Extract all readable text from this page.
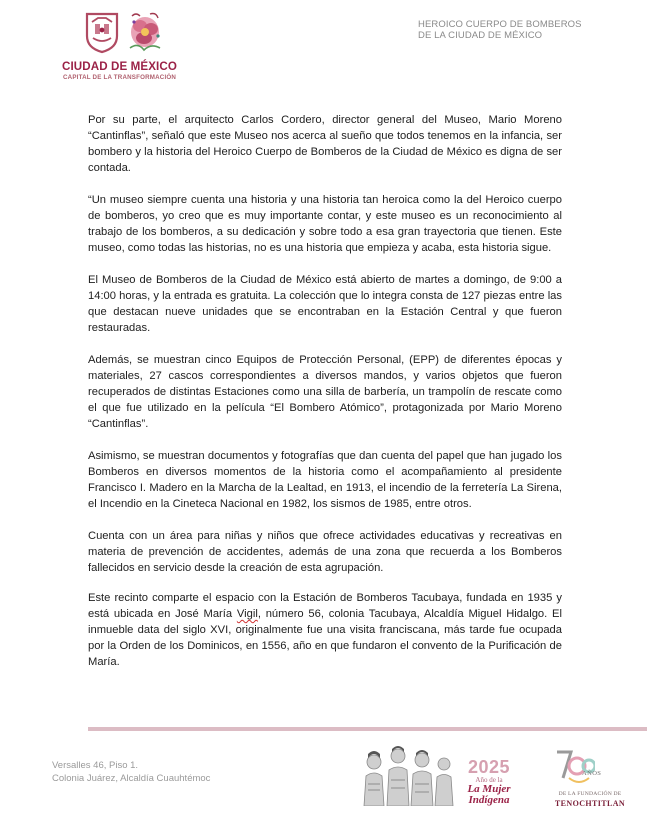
CIUDAD DE MÉXICO
CAPITAL DE LA TRANSFORMACIÓN
HEROICO CUERPO DE BOMBEROS
DE LA CIUDAD DE MÉXICO

Por su parte, el arquitecto Carlos Cordero, director general del Museo, Mario Moreno “Cantinflas”, señaló que este Museo nos acerca al sueño que todos tenemos en la infancia, ser bombero y la historia del Heroico Cuerpo de Bomberos de la Ciudad de México es digna de ser contada.

“Un museo siempre cuenta una historia y una historia tan heroica como la del Heroico cuerpo de bomberos, yo creo que es muy importante contar, y este museo es un reconocimiento al trabajo de los bomberos, a su dedicación y sobre todo a esa gran trayectoria que tienen. Este museo, como todas las historias, no es una historia que empieza y acaba, esta historia sigue.

El Museo de Bomberos de la Ciudad de México está abierto de martes a domingo, de 9:00 a 14:00 horas, y la entrada es gratuita. La colección que lo integra consta de 127 piezas entre las que destacan nueve unidades que se encontraban en la Estación Central y que fueron restauradas.

Además, se muestran cinco Equipos de Protección Personal, (EPP) de diferentes épocas y materiales, 27 cascos correspondientes a diversos mandos, y varios objetos que fueron recuperados de distintas Estaciones como una silla de barbería, un trampolín de rescate como el que fue utilizado en la película “El Bombero Atómico”, protagonizada por Mario Moreno “Cantinflas”.

Asimismo, se muestran documentos y fotografías que dan cuenta del papel que han jugado los Bomberos en diversos momentos de la historia como el acompañamiento al presidente Francisco I. Madero en la Marcha de la Lealtad, en 1913, el incendio de la ferretería La Sirena, el Incendio en la Cineteca Nacional en 1982, los sismos de 1985, entre otros.

Cuenta con un área para niñas y niños que ofrece actividades educativas y recreativas en materia de prevención de accidentes, además de una zona que recuerda a los Bomberos fallecidos en servicio desde la creación de esta agrupación.

Este recinto comparte el espacio con la Estación de Bomberos Tacubaya, fundada en 1935 y está ubicada en José María Vigil, número 56, colonia Tacubaya, Alcaldía Miguel Hidalgo. El inmueble data del siglo XVI, originalmente fue una visita franciscana, más tarde fue ocupada por la Orden de los Dominicos, en 1556, año en que fundaron el convento de la Purificación de María.

Versalles 46, Piso 1.
Colonia Juárez, Alcaldía Cuauhtémoc
2025
Año de la
La Mujer
Indígena
AÑOS
DE LA FUNDACIÓN DE
TENOCHTITLAN
